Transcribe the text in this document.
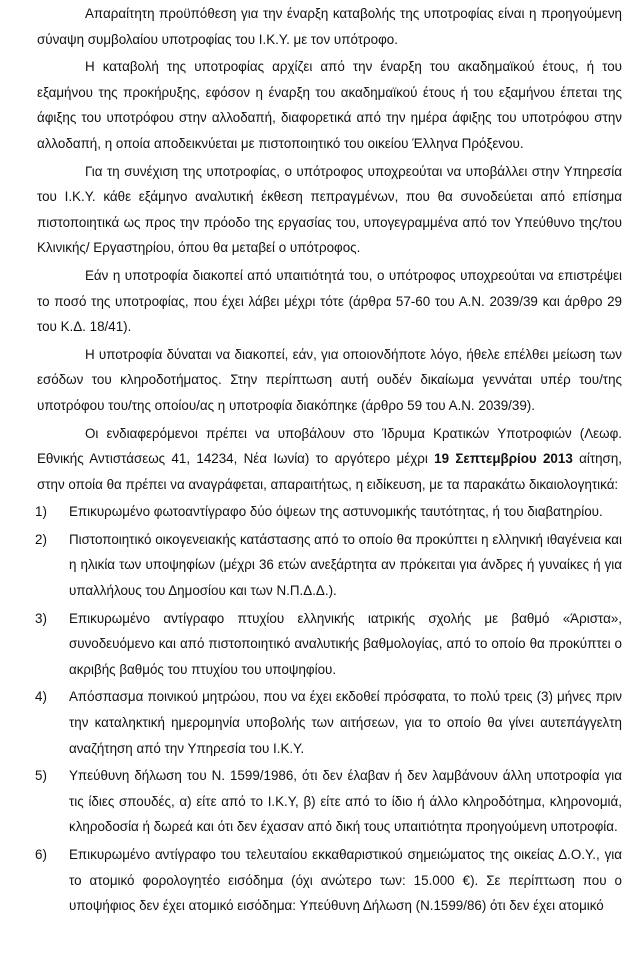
Απαραίτητη προϋπόθεση για την έναρξη καταβολής της υποτροφίας είναι η προηγούμενη σύναψη συμβολαίου υποτροφίας του Ι.Κ.Υ. με τον υπότροφο.

Η καταβολή της υποτροφίας αρχίζει από την έναρξη του ακαδημαϊκού έτους, ή του εξαμήνου της προκήρυξης, εφόσον η έναρξη του ακαδημαϊκού έτους ή του εξαμήνου έπεται της άφιξης του υποτρόφου στην αλλοδαπή, διαφορετικά από την ημέρα άφιξης του υποτρόφου στην αλλοδαπή, η οποία αποδεικνύεται με πιστοποιητικό του οικείου Έλληνα Πρόξενου.

Για τη συνέχιση της υποτροφίας, ο υπότροφος υποχρεούται να υποβάλλει στην Υπηρεσία του Ι.Κ.Υ. κάθε εξάμηνο αναλυτική έκθεση πεπραγμένων, που θα συνοδεύεται από επίσημα πιστοποιητικά ως προς την πρόοδο της εργασίας του, υπογεγραμμένα από τον Υπεύθυνο της/του Κλινικής/ Εργαστηρίου, όπου θα μεταβεί ο υπότροφος.

Εάν η υποτροφία διακοπεί από υπαιτιότητά του, ο υπότροφος υποχρεούται να επιστρέψει το ποσό της υποτροφίας, που έχει λάβει μέχρι τότε (άρθρα 57-60 του Α.Ν. 2039/39 και άρθρο 29 του Κ.Δ. 18/41).

Η υποτροφία δύναται να διακοπεί, εάν, για οποιονδήποτε λόγο, ήθελε επέλθει μείωση των εσόδων του κληροδοτήματος. Στην περίπτωση αυτή ουδέν δικαίωμα γεννάται υπέρ του/της υποτρόφου του/της οποίου/ας η υποτροφία διακόπηκε (άρθρο 59 του Α.Ν. 2039/39).

Οι ενδιαφερόμενοι πρέπει να υποβάλουν στο Ίδρυμα Κρατικών Υποτροφιών (Λεωφ. Εθνικής Αντιστάσεως 41, 14234, Νέα Ιωνία) το αργότερο μέχρι 19 Σεπτεμβρίου 2013 αίτηση, στην οποία θα πρέπει να αναγράφεται, απαραιτήτως, η ειδίκευση, με τα παρακάτω δικαιολογητικά:

1) Επικυρωμένο φωτοαντίγραφο δύο όψεων της αστυνομικής ταυτότητας, ή του διαβατηρίου.
2) Πιστοποιητικό οικογενειακής κατάστασης από το οποίο θα προκύπτει η ελληνική ιθαγένεια και η ηλικία των υποψηφίων (μέχρι 36 ετών ανεξάρτητα αν πρόκειται για άνδρες ή γυναίκες ή για υπαλλήλους του Δημοσίου και των Ν.Π.Δ.Δ.).
3) Επικυρωμένο αντίγραφο πτυχίου ελληνικής ιατρικής σχολής με βαθμό «Άριστα», συνοδευόμενο και από πιστοποιητικό αναλυτικής βαθμολογίας, από το οποίο θα προκύπτει ο ακριβής βαθμός του πτυχίου του υποψηφίου.
4) Απόσπασμα ποινικού μητρώου, που να έχει εκδοθεί πρόσφατα, το πολύ τρεις (3) μήνες πριν την καταληκτική ημερομηνία υποβολής των αιτήσεων, για το οποίο θα γίνει αυτεπάγγελτη αναζήτηση από την Υπηρεσία του Ι.Κ.Υ.
5) Υπεύθυνη δήλωση του Ν. 1599/1986, ότι δεν έλαβαν ή δεν λαμβάνουν άλλη υποτροφία για τις ίδιες σπουδές, α) είτε από το Ι.Κ.Υ, β) είτε από το ίδιο ή άλλο κληροδότημα, κληρονομιά, κληροδοσία ή δωρεά και ότι δεν έχασαν από δική τους υπαιτιότητα προηγούμενη υποτροφία.
6) Επικυρωμένο αντίγραφο του τελευταίου εκκαθαριστικού σημειώματος της οικείας Δ.Ο.Υ., για το ατομικό φορολογητέο εισόδημα (όχι ανώτερο των: 15.000 €). Σε περίπτωση που ο υποψήφιος δεν έχει ατομικό εισόδημα: Υπεύθυνη Δήλωση (Ν.1599/86) ότι δεν έχει ατομικό
